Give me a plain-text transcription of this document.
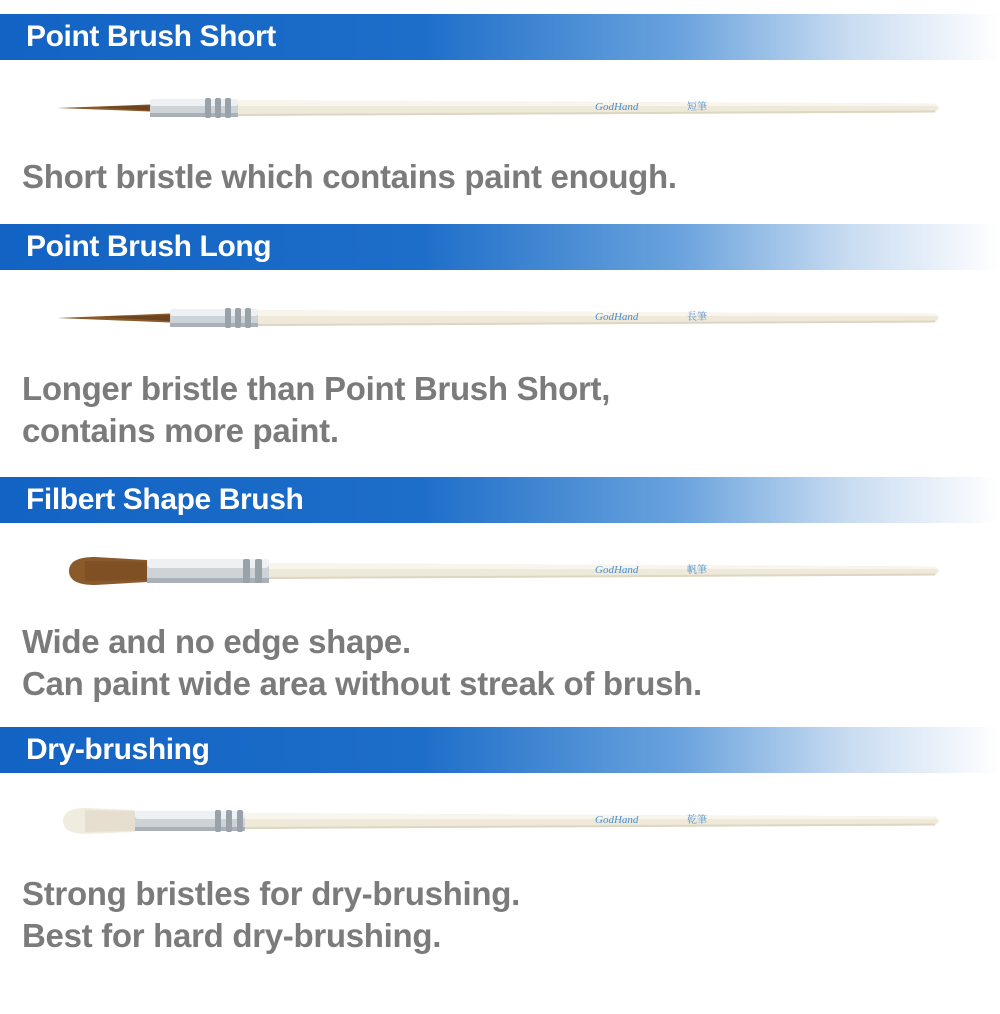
Point Brush Short
GodHand	短筆
Short bristle which contains paint enough.
Point Brush Long
GodHand	長筆
Longer bristle than Point Brush Short,
contains more paint.
Filbert Shape Brush
GodHand	帆筆
Wide and no edge shape.
Can paint wide area without streak of brush.
Dry-brushing
GodHand	乾筆
Strong bristles for dry-brushing.
Best for hard dry-brushing.
